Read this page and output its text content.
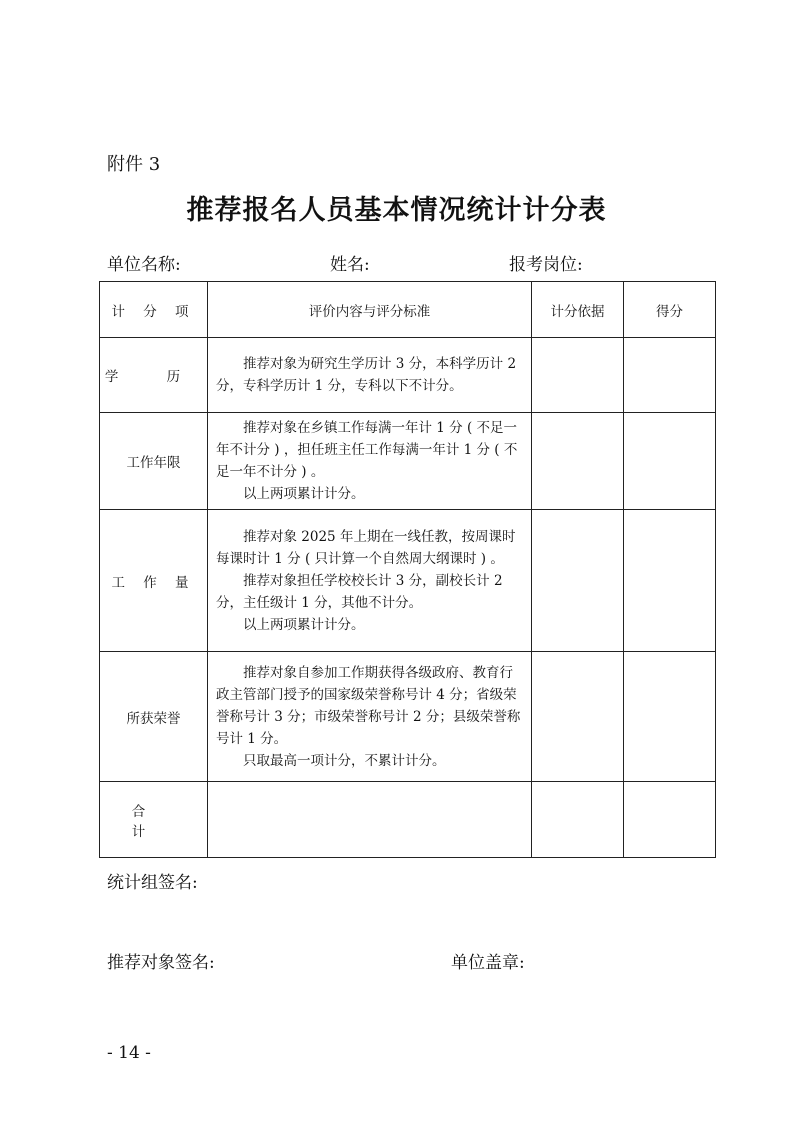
附件 3
推荐报名人员基本情况统计计分表
单位名称:	姓名:	报考岗位:
计 分 项	评价内容与评分标准	计分依据	得分
学 历	推荐对象为研究生学历计 3 分，本科学历计 2 分，专科学历计 1 分，专科以下不计分。		

工作年限	推荐对象在乡镇工作每满一年计 1 分 ( 不足一年不计分 ) ，担任班主任工作每满一年计 1 分 ( 不足一年不计分 ) 。

以上两项累计计分。		

工 作 量	推荐对象 2025 年上期在一线任教，按周课时每课时计 1 分 ( 只计算一个自然周大纲课时 ) 。

推荐对象担任学校校长计 3 分，副校长计 2 分，主任级计 1 分，其他不计分。

以上两项累计计分。		

所获荣誉	推荐对象自参加工作期获得各级政府、教育行政主管部门授予的国家级荣誉称号计 4 分；省级荣誉称号计 3 分；市级荣誉称号计 2 分；县级荣誉称号计 1 分。

只取最高一项计分，不累计计分。		

合 计			
统计组签名:
推荐对象签名:	单位盖章:
- 14 -
